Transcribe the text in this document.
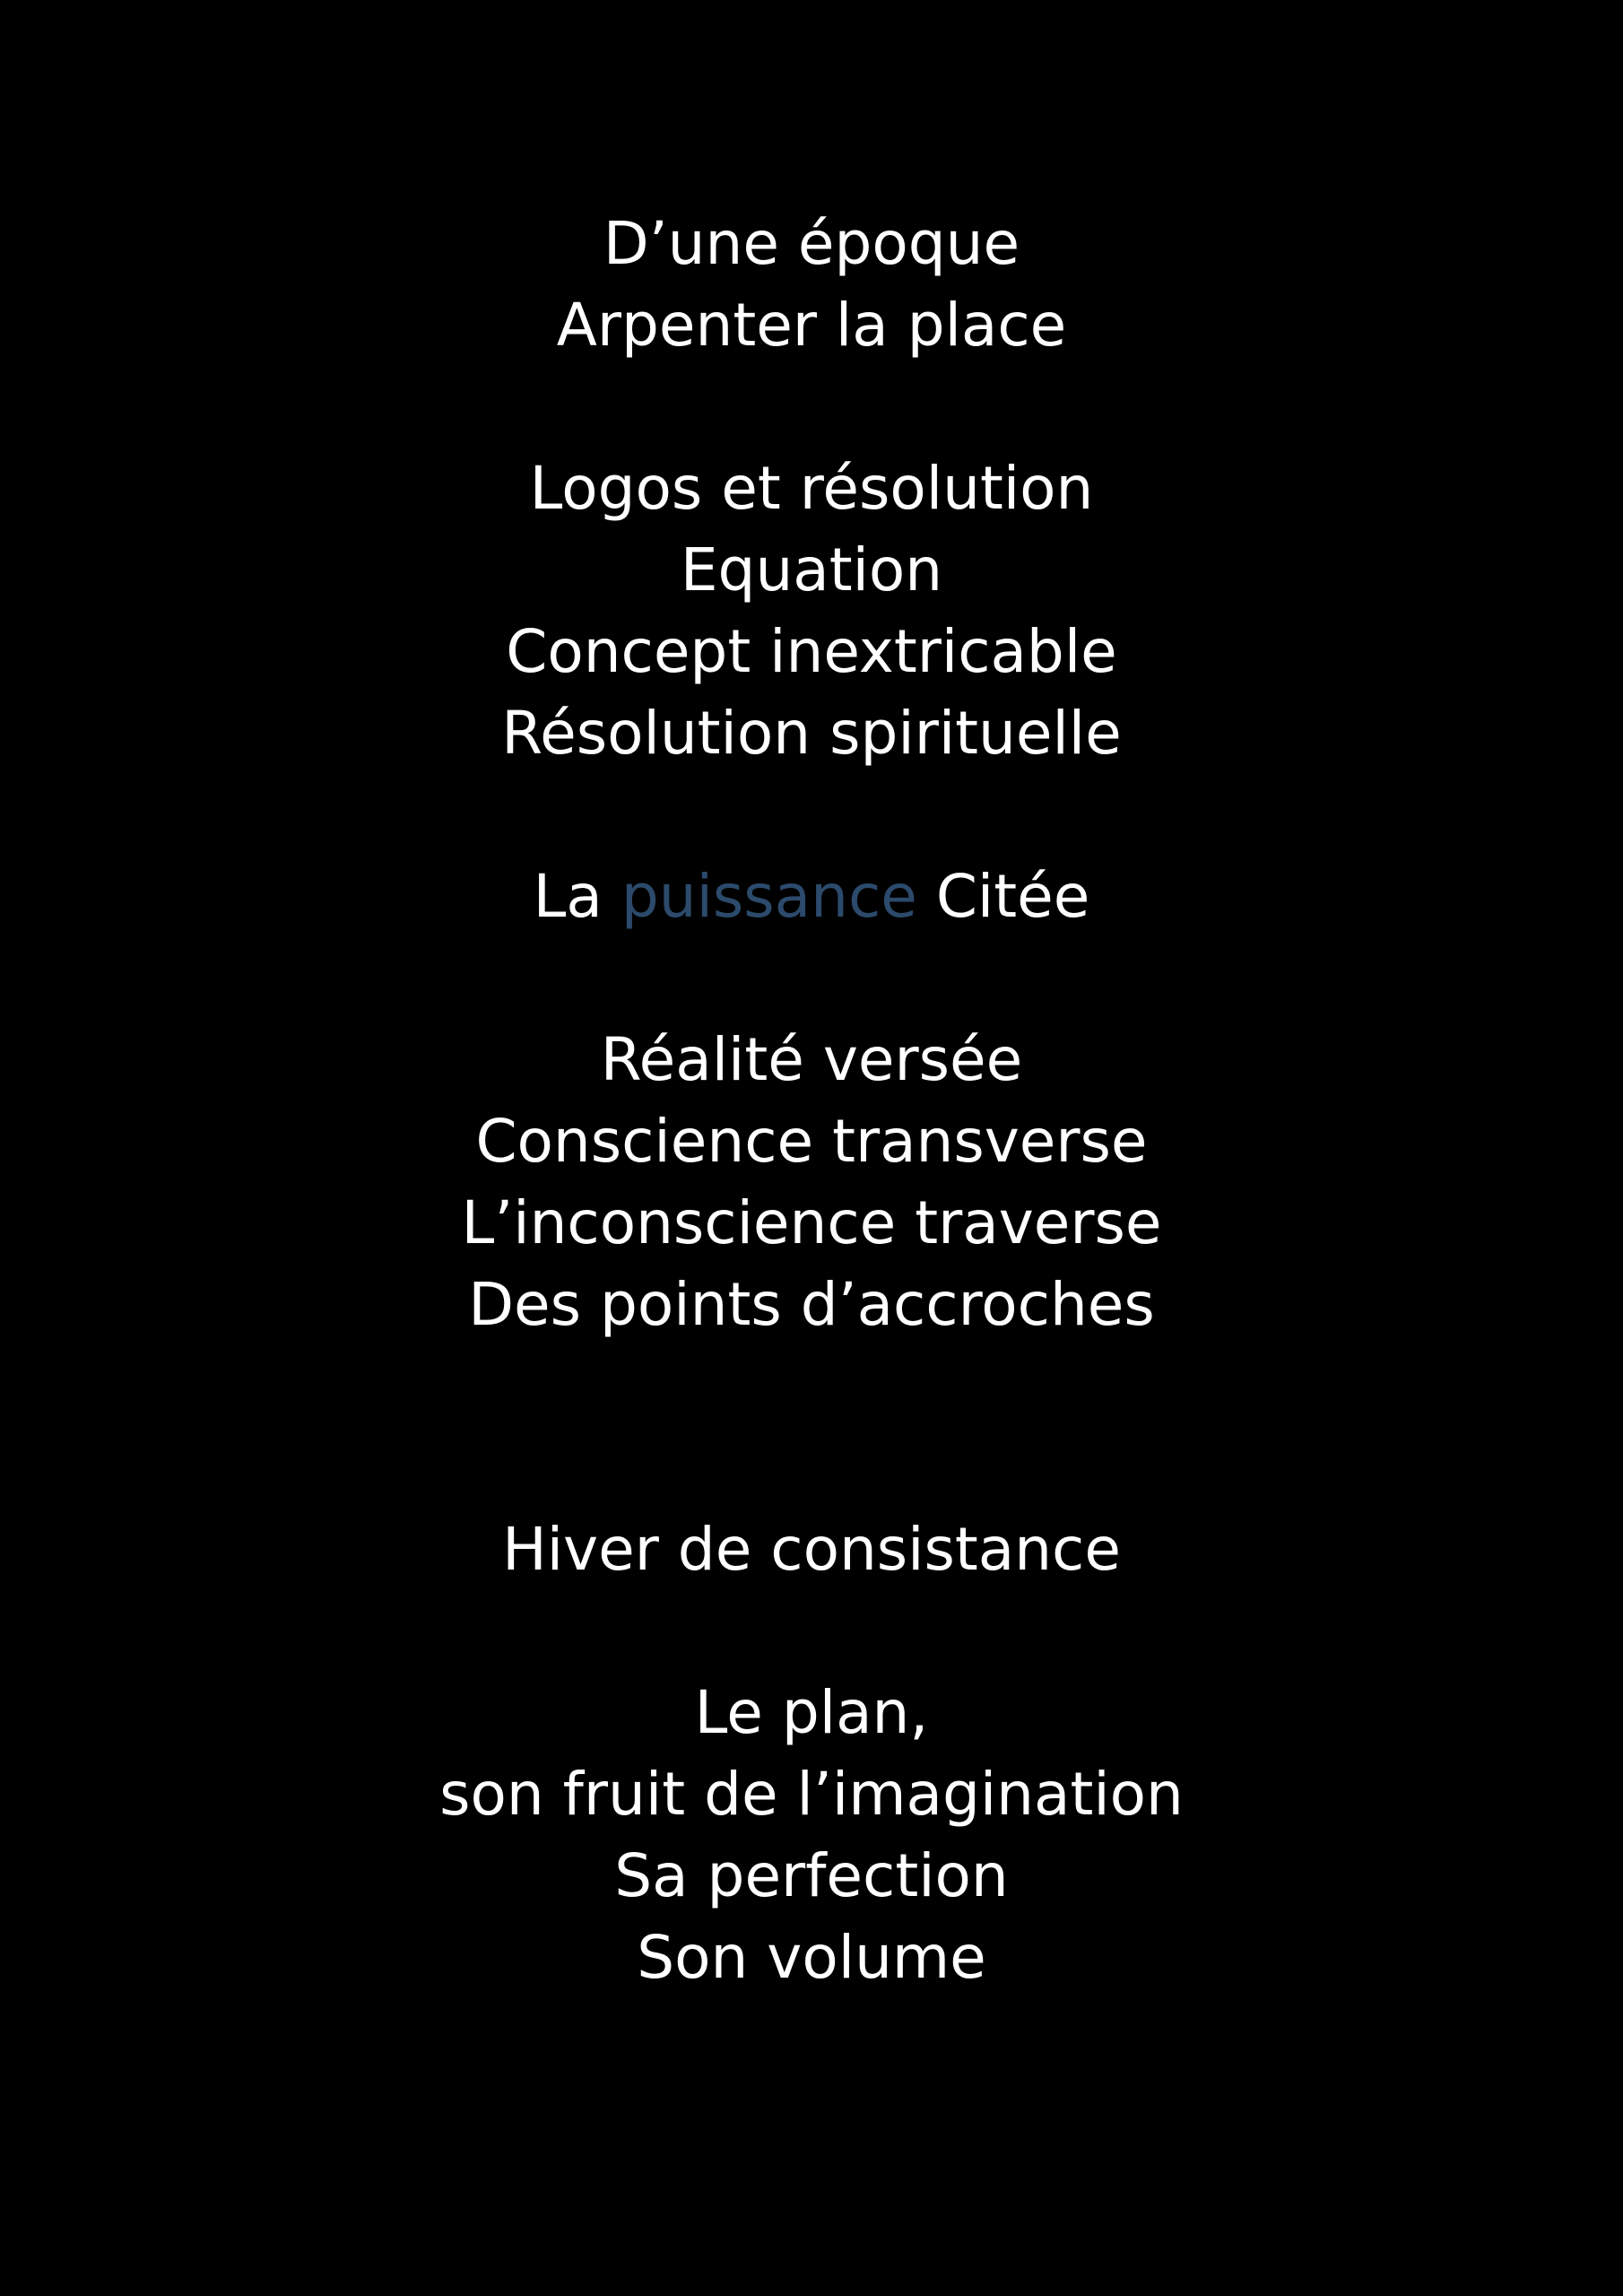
D’une époque
Arpenter la place
Logos et résolution
Equation
Concept inextricable
Résolution spirituelle
La puissance Citée
Réalité versée
Conscience transverse
L’inconscience traverse
Des points d’accroches
Hiver de consistance
Le plan,
son fruit de l’imagination
Sa perfection
Son volume
